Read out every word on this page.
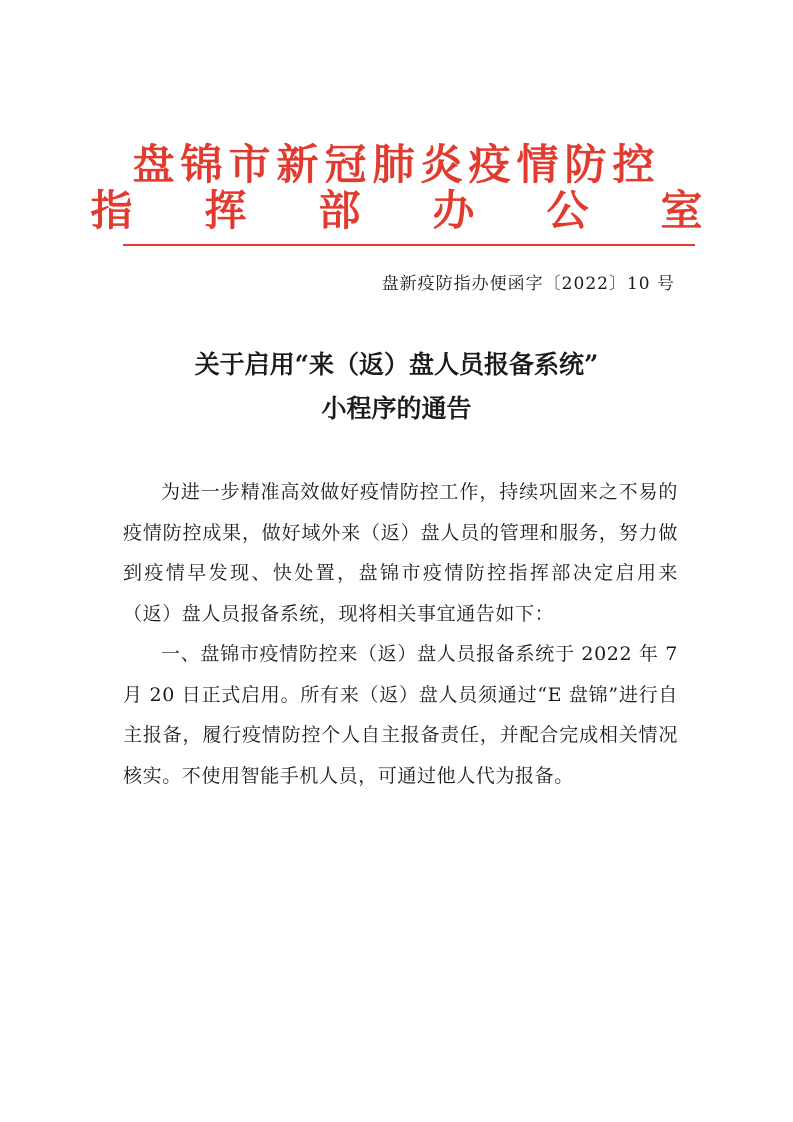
盘锦市新冠肺炎疫情防控
指挥部办公室
盘新疫防指办便函字〔2022〕10 号
关于启用“来（返）盘人员报备系统”
小程序的通告

为进一步精准高效做好疫情防控工作，持续巩固来之不易的疫情防控成果，做好域外来（返）盘人员的管理和服务，努力做到疫情早发现、快处置，盘锦市疫情防控指挥部决定启用来（返）盘人员报备系统，现将相关事宜通告如下：

一、盘锦市疫情防控来（返）盘人员报备系统于 2022 年 7 月 20 日正式启用。所有来（返）盘人员须通过“E 盘锦”进行自主报备，履行疫情防控个人自主报备责任，并配合完成相关情况核实。不使用智能手机人员，可通过他人代为报备。
